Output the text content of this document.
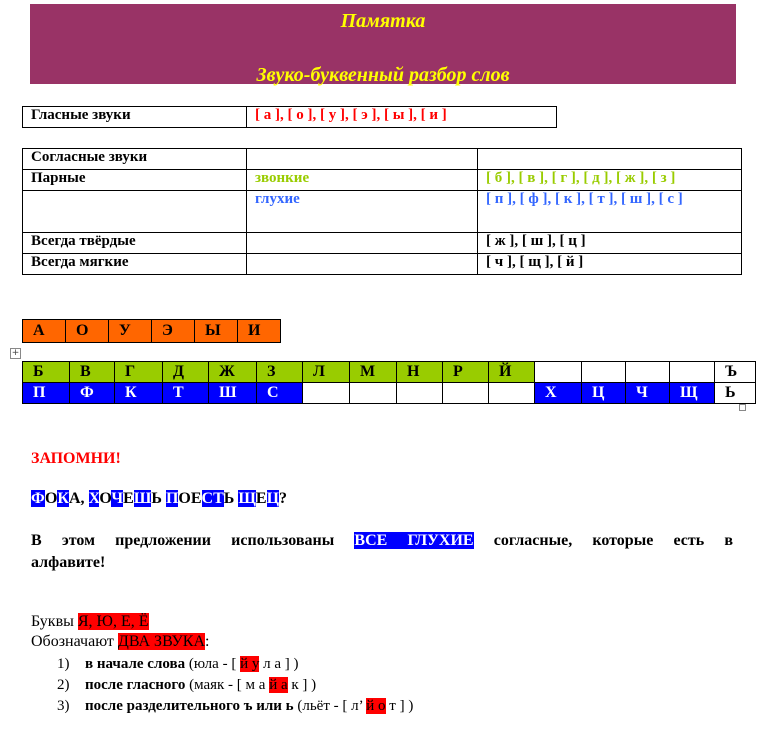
Памятка
Звуко-буквенный разбор слов
Гласные звуки	[ а ], [ о ], [ у ], [ э ], [ ы ], [ и ]
Согласные звуки		
Парные	звонкие	[ б ], [ в ], [ г ], [ д ], [ ж ], [ з ]
	глухие	[ п ], [ ф ], [ к ], [ т ], [ ш ], [ с ]
Всегда твёрдые		[ ж ], [ ш ], [ ц ]
Всегда мягкие		[ ч ], [ щ ], [ й ]
А	О	У	Э	Ы	И
+
Б	В	Г	Д	Ж	З	Л	М	Н	Р	Й					Ъ
П	Ф	К	Т	Ш	С						Х	Ц	Ч	Щ	Ь
ЗАПОМНИ!
ФОКА, ХОЧЕШЬ ПОЕСТЬ ЩЕЦ?
В этом предложении использованы ВСЕ ГЛУХИЕ согласные, которые есть в
алфавите!
Буквы Я, Ю, Е, Ё
Обозначают ДВА ЗВУКА:
1) в начале слова (юла - [ й у л а ] )
2) после гласного (маяк - [ м а й а к ] )
3) после разделительного ъ или ь (льёт - [ л’ й о т ] )
